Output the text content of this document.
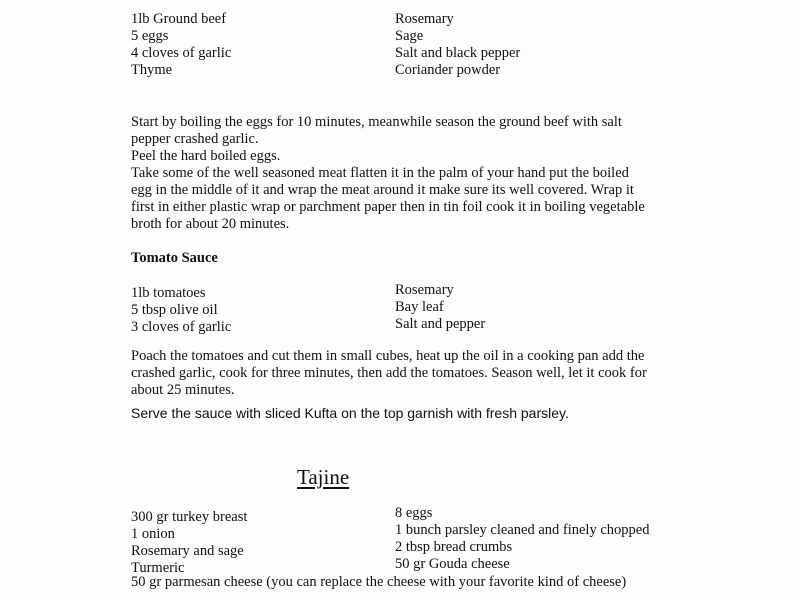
1lb Ground beef
5 eggs
4 cloves of garlic
Thyme
Rosemary
Sage
Salt and black pepper
Coriander powder
Start by boiling the eggs for 10 minutes, meanwhile season the ground beef with salt
pepper crashed garlic.
Peel the hard boiled eggs.
Take some of the well seasoned meat flatten it in the palm of your hand put the boiled
egg in the middle of it and wrap the meat around it make sure its well covered. Wrap it
first in either plastic wrap or parchment paper then in tin foil cook it in boiling vegetable
broth for about 20 minutes.
Tomato Sauce
1lb tomatoes
5 tbsp olive oil
3 cloves of garlic
Rosemary
Bay leaf
Salt and pepper
Poach the tomatoes and cut them in small cubes, heat up the oil in a cooking pan add the
crashed garlic, cook for three minutes, then add the tomatoes. Season well, let it cook for
about 25 minutes.
Serve the sauce with sliced Kufta on the top garnish with fresh parsley.
Tajine
300 gr turkey breast
1 onion
Rosemary and sage
Turmeric
8 eggs
1 bunch parsley cleaned and finely chopped
2 tbsp bread crumbs
50 gr Gouda cheese
50 gr parmesan cheese (you can replace the cheese with your favorite kind of cheese)
